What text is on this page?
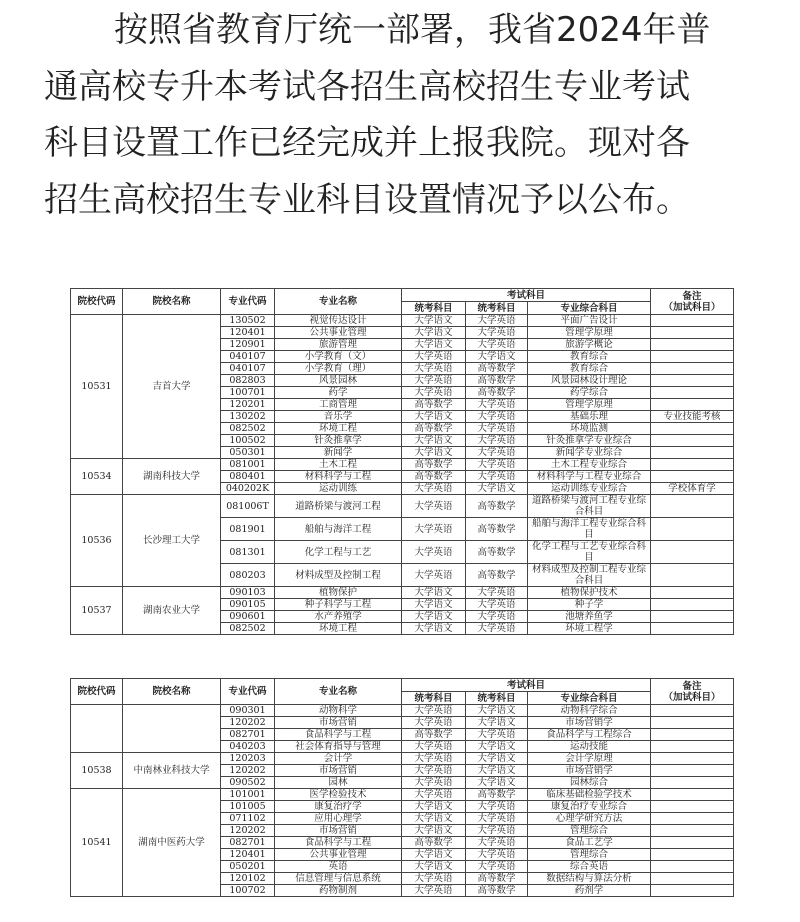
按照省教育厅统一部署，我省2024年普
通高校专升本考试各招生高校招生专业考试
科目设置工作已经完成并上报我院。现对各
招生高校招生专业科目设置情况予以公布。
院校代码	院校名称	专业代码	专业名称	考试科目			备注
（加试科目）

				统考科目	统考科目	专业综合科目	
10531	吉首大学	130502	视觉传达设计	大学语文	大学英语	平面广告设计	
		120401	公共事业管理	大学语文	大学英语	管理学原理	
		120901	旅游管理	大学语文	大学英语	旅游学概论	
		040107	小学教育（文）	大学英语	大学语文	教育综合	
		040107	小学教育（理）	大学英语	高等数学	教育综合	
		082803	风景园林	大学英语	高等数学	风景园林设计理论	
		100701	药学	大学英语	高等数学	药学综合	
		120201	工商管理	高等数学	大学英语	管理学原理	
		130202	音乐学	大学语文	大学英语	基础乐理	专业技能考核
		082502	环境工程	高等数学	大学英语	环境监测	
		100502	针灸推拿学	大学语文	大学英语	针灸推拿学专业综合	
		050301	新闻学	大学语文	大学英语	新闻学专业综合	
10534	湖南科技大学	081001	土木工程	高等数学	大学英语	土木工程专业综合	
		080401	材料科学与工程	高等数学	大学英语	材料科学与工程专业综合	
		040202K	运动训练	大学英语	大学语文	运动训练专业综合	学校体育学
10536	长沙理工大学	081006T	道路桥梁与渡河工程	大学英语	高等数学	道路桥梁与渡河工程专业综合科目	
		081901	船舶与海洋工程	大学英语	高等数学	船舶与海洋工程专业综合科目	
		081301	化学工程与工艺	大学英语	高等数学	化学工程与工艺专业综合科目	
		080203	材料成型及控制工程	大学英语	高等数学	材料成型及控制工程专业综合科目	
10537	湖南农业大学	090103	植物保护	大学语文	大学英语	植物保护技术	
		090105	种子科学与工程	大学语文	大学英语	种子学	
		090601	水产养殖学	大学语文	大学英语	池塘养鱼学	
		082502	环境工程	大学语文	大学英语	环境工程学	
院校代码	院校名称	专业代码	专业名称	考试科目			备注
（加试科目）

				统考科目	统考科目	专业综合科目	
		090301	动物科学	大学英语	大学语文	动物科学综合	
		120202	市场营销	大学英语	大学语文	市场营销学	
		082701	食品科学与工程	高等数学	大学英语	食品科学与工程综合	
		040203	社会体育指导与管理	大学英语	大学语文	运动技能	
10538	中南林业科技大学	120203	会计学	大学英语	大学语文	会计学原理	
		120202	市场营销	大学英语	大学语文	市场营销学	
		090502	园林	大学英语	大学语文	园林综合	
10541	湖南中医药大学	101001	医学检验技术	大学英语	高等数学	临床基础检验学技术	
		101005	康复治疗学	大学语文	大学英语	康复治疗专业综合	
		071102	应用心理学	大学语文	大学英语	心理学研究方法	
		120202	市场营销	大学语文	大学英语	管理综合	
		082701	食品科学与工程	高等数学	大学英语	食品工艺学	
		120401	公共事业管理	大学语文	大学英语	管理综合	
		050201	英语	大学语文	大学英语	综合英语	
		120102	信息管理与信息系统	大学英语	高等数学	数据结构与算法分析	
		100702	药物制剂	大学英语	高等数学	药剂学	
